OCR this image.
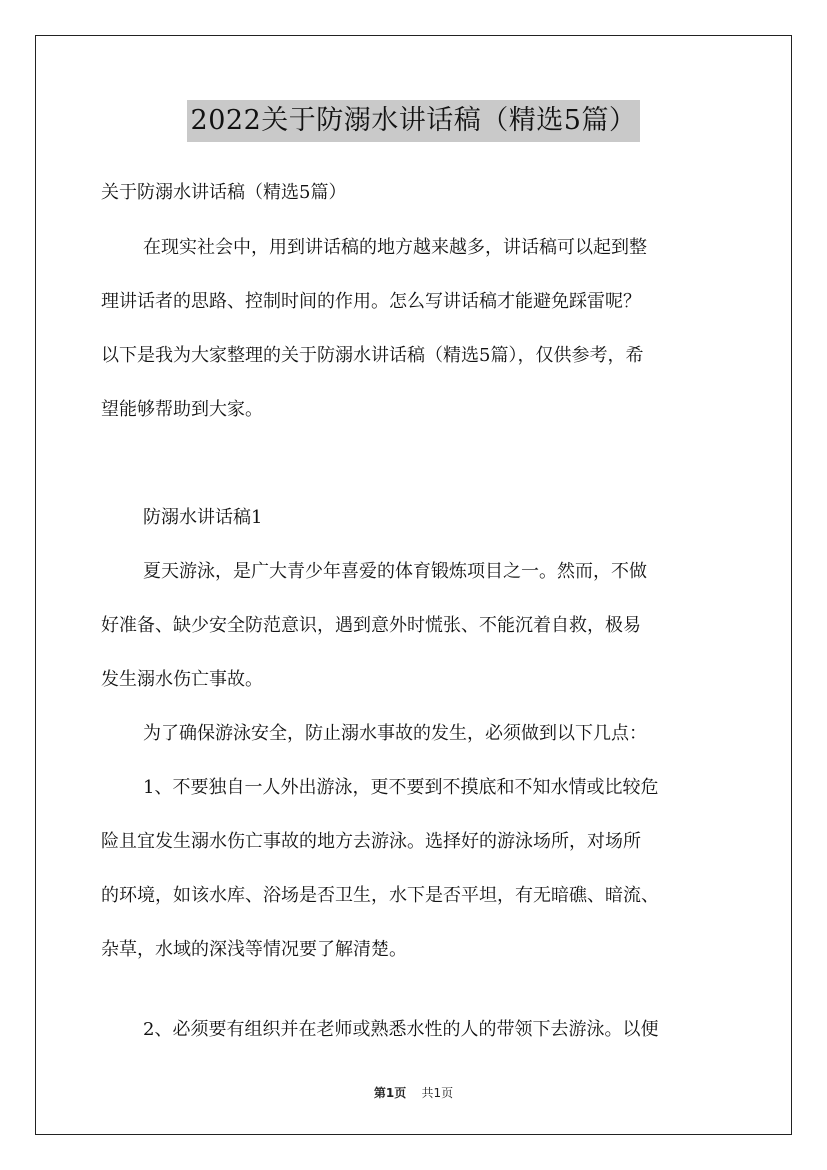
2022关于防溺水讲话稿（精选5篇）
关于防溺水讲话稿（精选5篇）
在现实社会中，用到讲话稿的地方越来越多，讲话稿可以起到整
理讲话者的思路、控制时间的作用。怎么写讲话稿才能避免踩雷呢？
以下是我为大家整理的关于防溺水讲话稿（精选5篇），仅供参考，希
望能够帮助到大家。
防溺水讲话稿1
夏天游泳，是广大青少年喜爱的体育锻炼项目之一。然而，不做
好准备、缺少安全防范意识，遇到意外时慌张、不能沉着自救，极易
发生溺水伤亡事故。
为了确保游泳安全，防止溺水事故的发生，必须做到以下几点：
1、不要独自一人外出游泳，更不要到不摸底和不知水情或比较危
险且宜发生溺水伤亡事故的地方去游泳。选择好的游泳场所，对场所
的环境，如该水库、浴场是否卫生，水下是否平坦，有无暗礁、暗流、
杂草，水域的深浅等情况要了解清楚。
2、必须要有组织并在老师或熟悉水性的人的带领下去游泳。以便
第1页 共1页
